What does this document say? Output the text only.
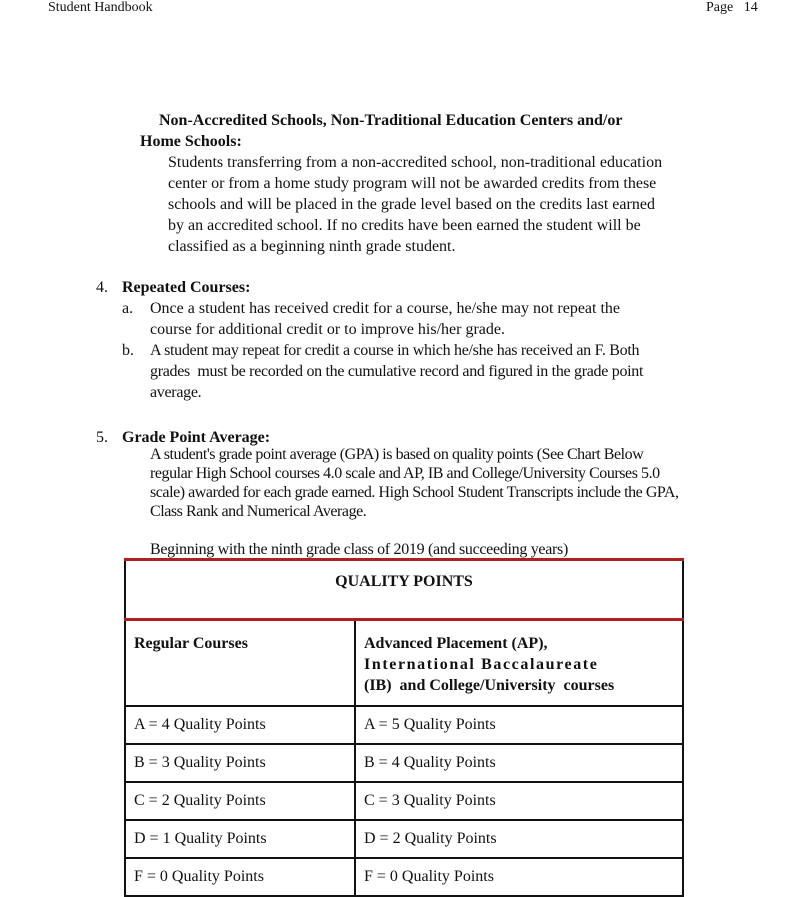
Student Handbook	Page   14
Non-Accredited Schools, Non-Traditional Education Centers and/or
Home Schools:
Students transferring from a non-accredited school, non-traditional education
center or from a home study program will not be awarded credits from these
schools and will be placed in the grade level based on the credits last earned
by an accredited school. If no credits have been earned the student will be
classified as a beginning ninth grade student.
4. Repeated Courses:
a. Once a student has received credit for a course, he/she may not repeat the
course for additional credit or to improve his/her grade.
b. A student may repeat for credit a course in which he/she has received an F. Both
grades  must be recorded on the cumulative record and figured in the grade point
average.
5. Grade Point Average:
A student's grade point average (GPA) is based on quality points (See Chart Below
regular High School courses 4.0 scale and AP, IB and College/University Courses 5.0
scale) awarded for each grade earned. High School Student Transcripts include the GPA,
Class Rank and Numerical Average.
Beginning with the ninth grade class of 2019 (and succeeding years)
QUALITY POINTS	
Regular Courses	Advanced Placement (AP),
International Baccalaureate
(IB)  and College/University  courses

A = 4 Quality Points	A = 5 Quality Points
B = 3 Quality Points	B = 4 Quality Points
C = 2 Quality Points	C = 3 Quality Points
D = 1 Quality Points	D = 2 Quality Points
F = 0 Quality Points	F = 0 Quality Points
